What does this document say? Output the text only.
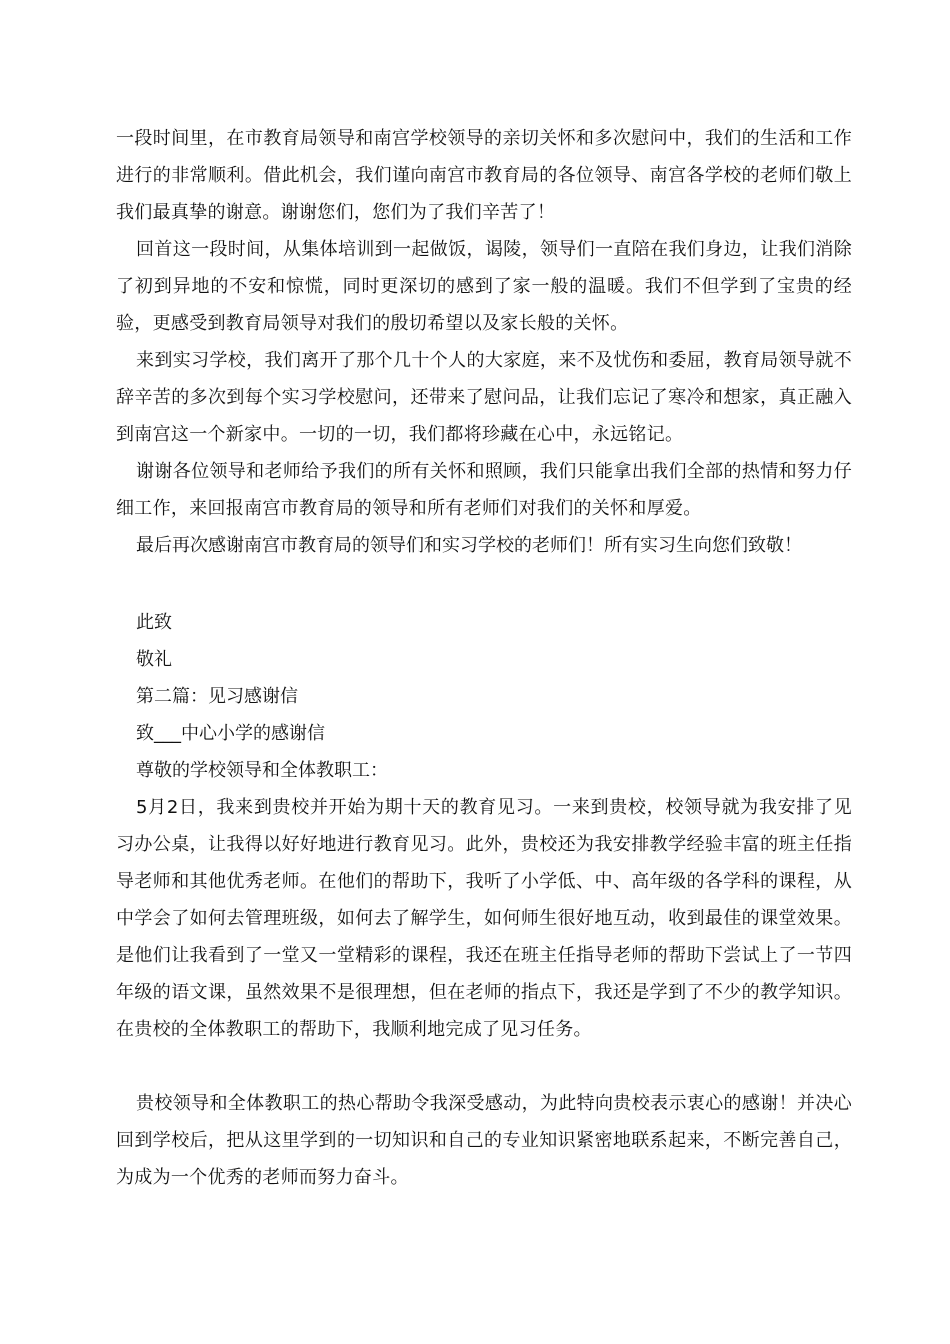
一段时间里，在市教育局领导和南宫学校领导的亲切关怀和多次慰问中，我们的生活和工作进行的非常顺利。借此机会，我们谨向南宫市教育局的各位领导、南宫各学校的老师们敬上我们最真挚的谢意。谢谢您们，您们为了我们辛苦了！

回首这一段时间，从集体培训到一起做饭，谒陵，领导们一直陪在我们身边，让我们消除了初到异地的不安和惊慌，同时更深切的感到了家一般的温暖。我们不但学到了宝贵的经验，更感受到教育局领导对我们的殷切希望以及家长般的关怀。

来到实习学校，我们离开了那个几十个人的大家庭，来不及忧伤和委屈，教育局领导就不辞辛苦的多次到每个实习学校慰问，还带来了慰问品，让我们忘记了寒冷和想家，真正融入到南宫这一个新家中。一切的一切，我们都将珍藏在心中，永远铭记。

谢谢各位领导和老师给予我们的所有关怀和照顾，我们只能拿出我们全部的热情和努力仔细工作，来回报南宫市教育局的领导和所有老师们对我们的关怀和厚爱。

最后再次感谢南宫市教育局的领导们和实习学校的老师们！所有实习生向您们致敬！

此致

敬礼

第二篇：见习感谢信

致___中心小学的感谢信

尊敬的学校领导和全体教职工：

5月2日，我来到贵校并开始为期十天的教育见习。一来到贵校，校领导就为我安排了见习办公桌，让我得以好好地进行教育见习。此外，贵校还为我安排教学经验丰富的班主任指导老师和其他优秀老师。在他们的帮助下，我听了小学低、中、高年级的各学科的课程，从中学会了如何去管理班级，如何去了解学生，如何师生很好地互动，收到最佳的课堂效果。是他们让我看到了一堂又一堂精彩的课程，我还在班主任指导老师的帮助下尝试上了一节四年级的语文课，虽然效果不是很理想，但在老师的指点下，我还是学到了不少的教学知识。在贵校的全体教职工的帮助下，我顺利地完成了见习任务。

贵校领导和全体教职工的热心帮助令我深受感动，为此特向贵校表示衷心的感谢！并决心回到学校后，把从这里学到的一切知识和自己的专业知识紧密地联系起来，不断完善自己，为成为一个优秀的老师而努力奋斗。
